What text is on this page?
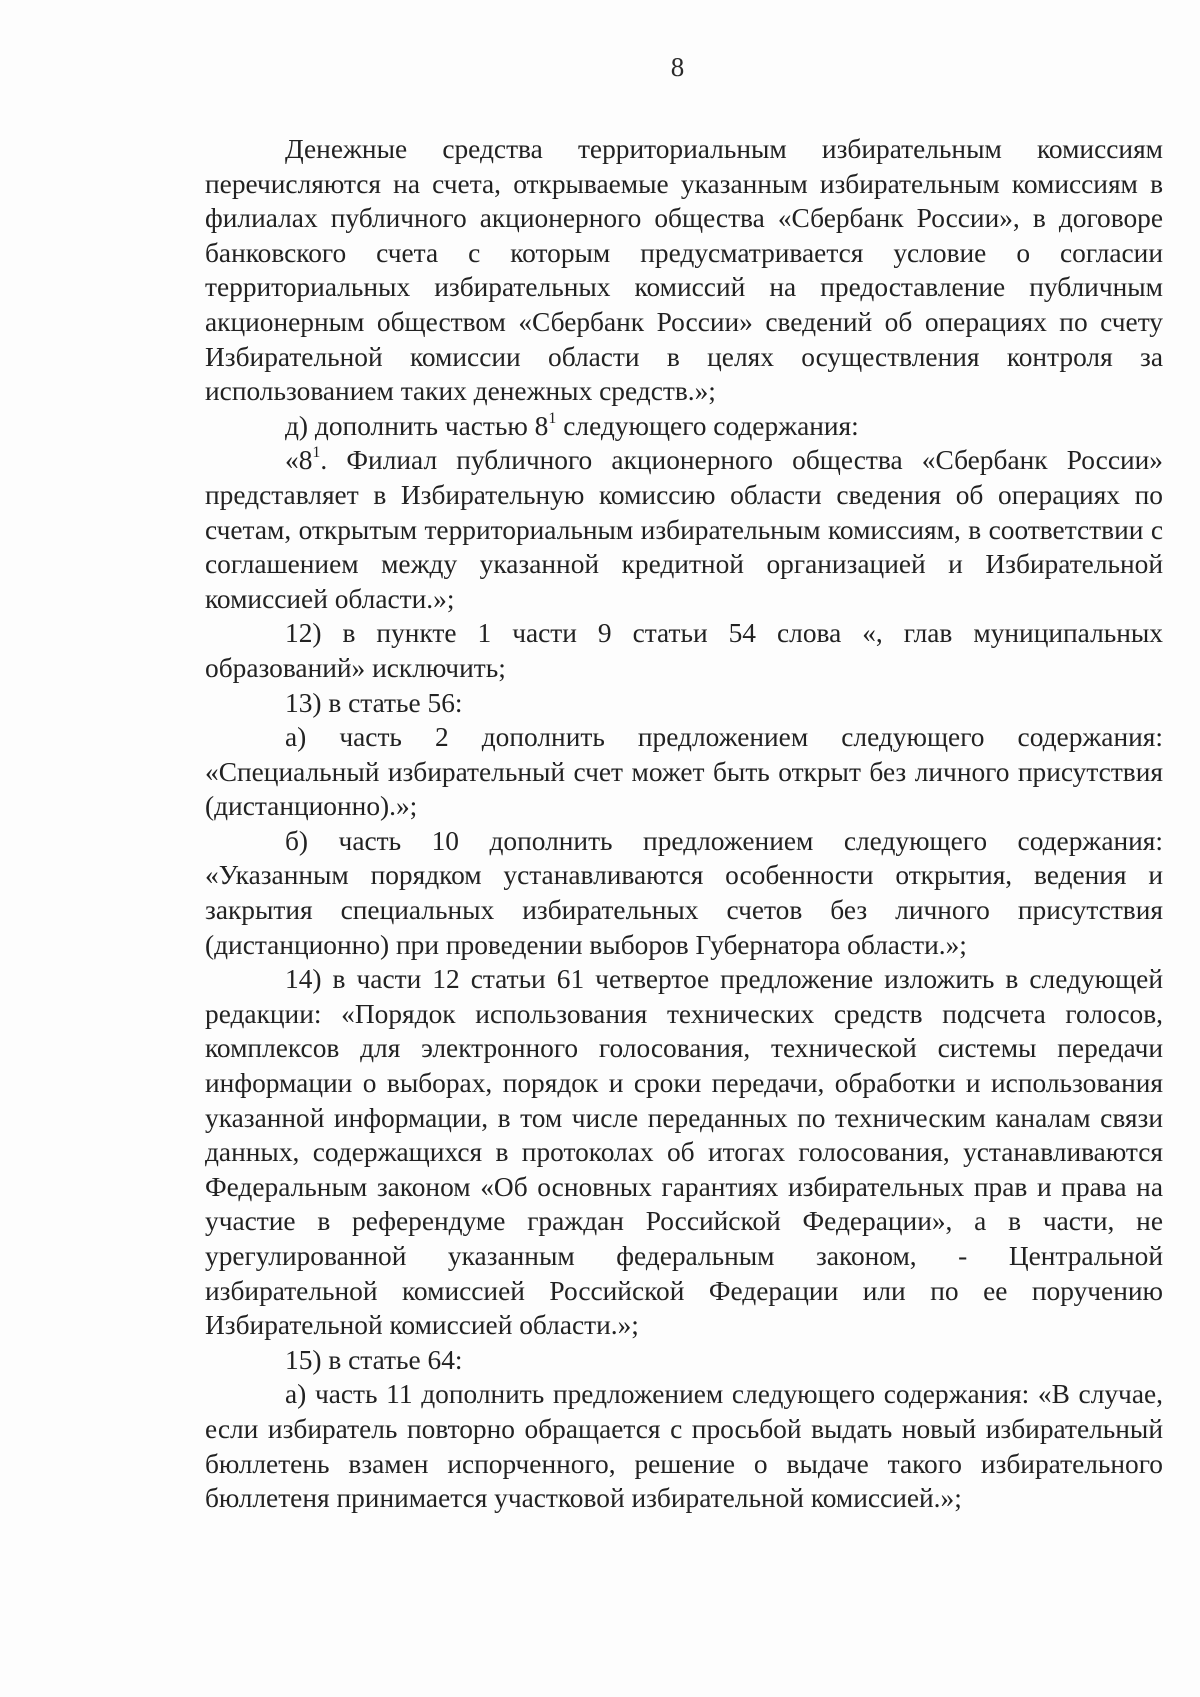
8

Денежные средства территориальным избирательным комиссиям перечисляются на счета, открываемые указанным избирательным комиссиям в филиалах публичного акционерного общества «Сбербанк России», в договоре банковского счета с которым предусматривается условие о согласии территориальных избирательных комиссий на предоставление публичным акционерным обществом «Сбербанк России» сведений об операциях по счету Избирательной комиссии области в целях осуществления контроля за использованием таких денежных средств.»;

д) дополнить частью $8^1$ следующего содержания:

«$8^1$. Филиал публичного акционерного общества «Сбербанк России» представляет в Избирательную комиссию области сведения об операциях по счетам, открытым территориальным избирательным комиссиям, в соответствии с соглашением между указанной кредитной организацией и Избирательной комиссией области.»;

12) в пункте 1 части 9 статьи 54 слова «, глав муниципальных образований» исключить;

13) в статье 56:

а) часть 2 дополнить предложением следующего содержания: «Специальный избирательный счет может быть открыт без личного присутствия (дистанционно).»;

б) часть 10 дополнить предложением следующего содержания: «Указанным порядком устанавливаются особенности открытия, ведения и закрытия специальных избирательных счетов без личного присутствия (дистанционно) при проведении выборов Губернатора области.»;

14) в части 12 статьи 61 четвертое предложение изложить в следующей редакции: «Порядок использования технических средств подсчета голосов, комплексов для электронного голосования, технической системы передачи информации о выборах, порядок и сроки передачи, обработки и использования указанной информации, в том числе переданных по техническим каналам связи данных, содержащихся в протоколах об итогах голосования, устанавливаются Федеральным законом «Об основных гарантиях избирательных прав и права на участие в референдуме граждан Российской Федерации», а в части, не урегулированной указанным федеральным законом, - Центральной избирательной комиссией Российской Федерации или по ее поручению Избирательной комиссией области.»;

15) в статье 64:

а) часть 11 дополнить предложением следующего содержания: «В случае, если избиратель повторно обращается с просьбой выдать новый избирательный бюллетень взамен испорченного, решение о выдаче такого избирательного бюллетеня принимается участковой избирательной комиссией.»;
